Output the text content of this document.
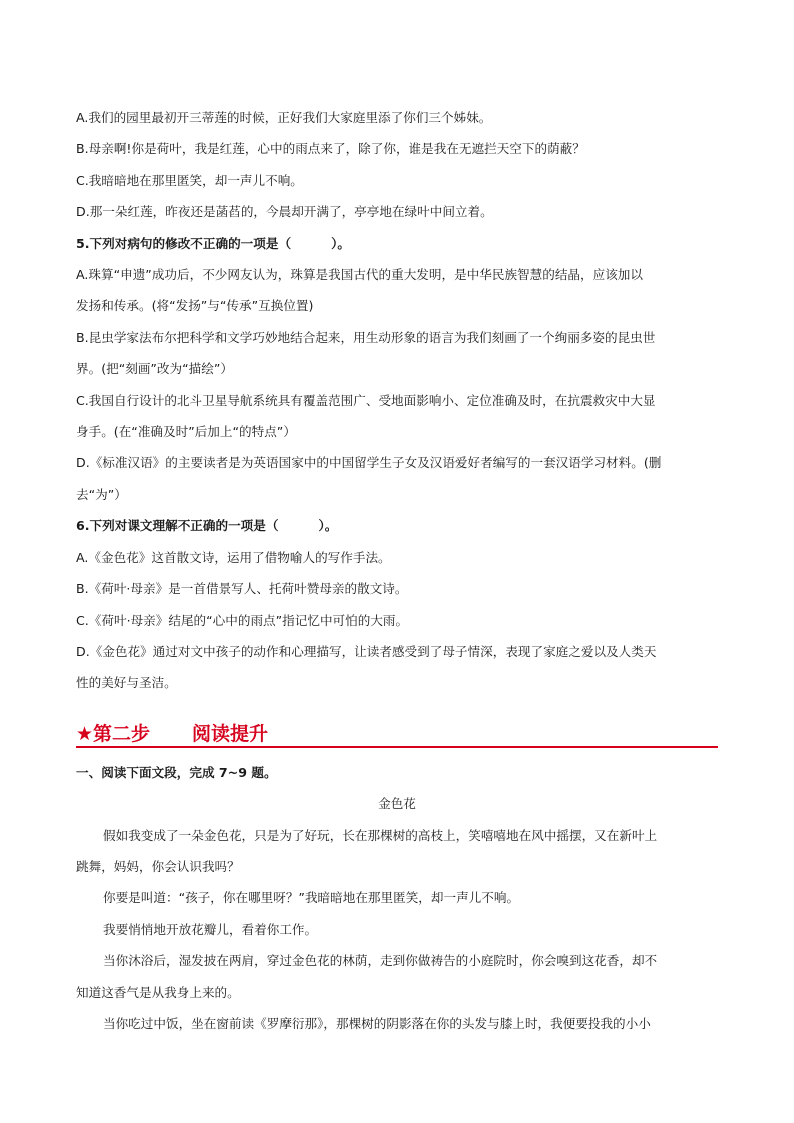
A.我们的园里最初开三蒂莲的时候，正好我们大家庭里添了你们三个姊妹。
B.母亲啊!你是荷叶，我是红莲，心中的雨点来了，除了你，谁是我在无遮拦天空下的荫蔽？
C.我暗暗地在那里匿笑，却一声儿不响。
D.那一朵红莲，昨夜还是菡萏的，今晨却开满了，亭亭地在绿叶中间立着。
5.下列对病句的修改不正确的一项是（	）。
A.珠算“申遗”成功后，不少网友认为，珠算是我国古代的重大发明，是中华民族智慧的结晶，应该加以
发扬和传承。(将“发扬”与“传承”互换位置)
B.昆虫学家法布尔把科学和文学巧妙地结合起来，用生动形象的语言为我们刻画了一个绚丽多姿的昆虫世
界。(把“刻画”改为“描绘”）
C.我国自行设计的北斗卫星导航系统具有覆盖范围广、受地面影响小、定位准确及时，在抗震救灾中大显
身手。(在“准确及时”后加上“的特点”）
D.《标准汉语》的主要读者是为英语国家中的中国留学生子女及汉语爱好者编写的一套汉语学习材料。(删
去“为”）
6.下列对课文理解不正确的一项是（	）。
A.《金色花》这首散文诗，运用了借物喻人的写作手法。
B.《荷叶·母亲》是一首借景写人、托荷叶赞母亲的散文诗。
C.《荷叶·母亲》结尾的“心中的雨点”指记忆中可怕的大雨。
D.《金色花》通过对文中孩子的动作和心理描写，让读者感受到了母子情深，表现了家庭之爱以及人类天
性的美好与圣洁。
★第二步 阅读提升
一、阅读下面文段，完成 7~9 题。
金色花
假如我变成了一朵金色花，只是为了好玩，长在那棵树的高枝上，笑嘻嘻地在风中摇摆，又在新叶上
跳舞，妈妈，你会认识我吗？
你要是叫道：“孩子，你在哪里呀？”我暗暗地在那里匿笑，却一声儿不响。
我要悄悄地开放花瓣儿，看着你工作。
当你沐浴后，湿发披在两肩，穿过金色花的林荫，走到你做祷告的小庭院时，你会嗅到这花香，却不
知道这香气是从我身上来的。
当你吃过中饭，坐在窗前读《罗摩衍那》，那棵树的阴影落在你的头发与膝上时，我便要投我的小小
